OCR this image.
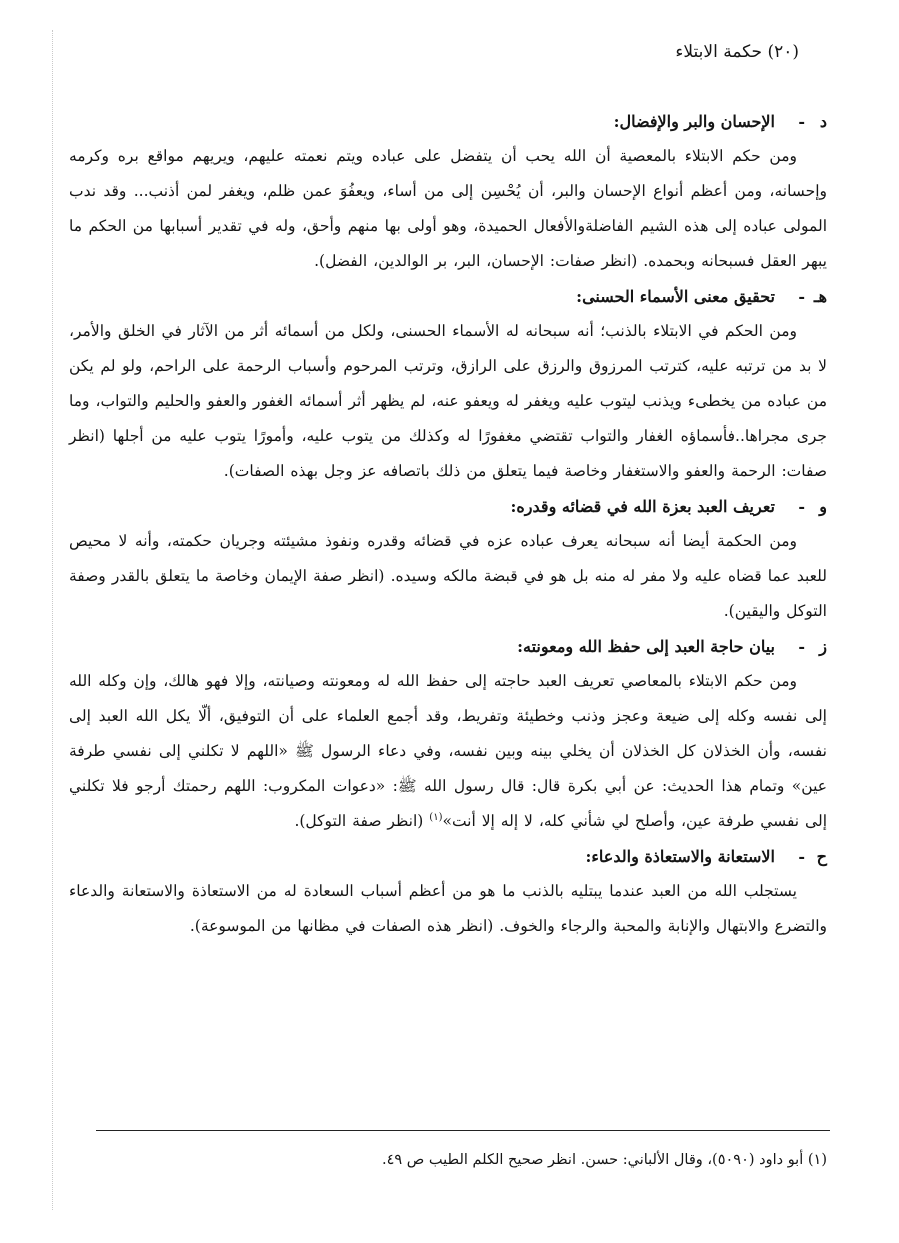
(٢٠) حكمة الابتلاء
د
-
الإحسان والبر والإفضال:

ومن حكم الابتلاء بالمعصية أن الله يحب أن يتفضل على عباده ويتم نعمته عليهم، ويريهم مواقع بره وكرمه وإحسانه، ومن أعظم أنواع الإحسان والبر، أن يُحْسِن إلى من أساء، ويعفُوَ عمن ظلم، ويغفر لمن أذنب... وقد ندب المولى عباده إلى هذه الشيم الفاضلةوالأفعال الحميدة، وهو أولى بها منهم وأحق، وله في تقدير أسبابها من الحكم ما يبهر العقل فسبحانه وبحمده. (انظر صفات: الإحسان، البر، بر الوالدين، الفضل).

هـ
-
تحقيق معنى الأسماء الحسنى:

ومن الحكم في الابتلاء بالذنب؛ أنه سبحانه له الأسماء الحسنى، ولكل من أسمائه أثر من الآثار في الخلق والأمر، لا بد من ترتبه عليه، كترتب المرزوق والرزق على الرازق، وترتب المرحوم وأسباب الرحمة على الراحم، ولو لم يكن من عباده من يخطىء ويذنب ليتوب عليه ويغفر له ويعفو عنه، لم يظهر أثر أسمائه الغفور والعفو والحليم والتواب، وما جرى مجراها..فأسماؤه الغفار والتواب تقتضي مغفورًا له وكذلك من يتوب عليه، وأمورًا يتوب عليه من أجلها (انظر صفات: الرحمة والعفو والاستغفار وخاصة فيما يتعلق من ذلك باتصافه عز وجل بهذه الصفات).

و
-
تعريف العبد بعزة الله في قضائه وقدره:

ومن الحكمة أيضا أنه سبحانه يعرف عباده عزه في قضائه وقدره ونفوذ مشيئته وجريان حكمته، وأنه لا محيص للعبد عما قضاه عليه ولا مفر له منه بل هو في قبضة مالكه وسيده. (انظر صفة الإيمان وخاصة ما يتعلق بالقدر وصفة التوكل واليقين).

ز
-
بيان حاجة العبد إلى حفظ الله ومعونته:

ومن حكم الابتلاء بالمعاصي تعريف العبد حاجته إلى حفظ الله له ومعونته وصيانته، وإلا فهو هالك، وإن وكله الله إلى نفسه وكله إلى ضيعة وعجز وذنب وخطيئة وتفريط، وقد أجمع العلماء على أن التوفيق، ألّا يكل الله العبد إلى نفسه، وأن الخذلان كل الخذلان أن يخلي بينه وبين نفسه، وفي دعاء الرسول ﷺ «اللهم لا تكلني إلى نفسي طرفة عين» وتمام هذا الحديث: عن أبي بكرة قال: قال رسول الله ﷺ: «دعوات المكروب: اللهم رحمتك أرجو فلا تكلني إلى نفسي طرفة عين، وأصلح لي شأني كله، لا إله إلا أنت»$^{(١)}$ (انظر صفة التوكل).

ح
-
الاستعانة والاستعاذة والدعاء:

يستجلب الله من العبد عندما يبتليه بالذنب ما هو من أعظم أسباب السعادة له من الاستعاذة والاستعانة والدعاء والتضرع والابتهال والإنابة والمحبة والرجاء والخوف. (انظر هذه الصفات في مظانها من الموسوعة).

(١) أبو داود (٥٠٩٠)، وقال الألباني: حسن. انظر صحيح الكلم الطيب ص ٤٩.
